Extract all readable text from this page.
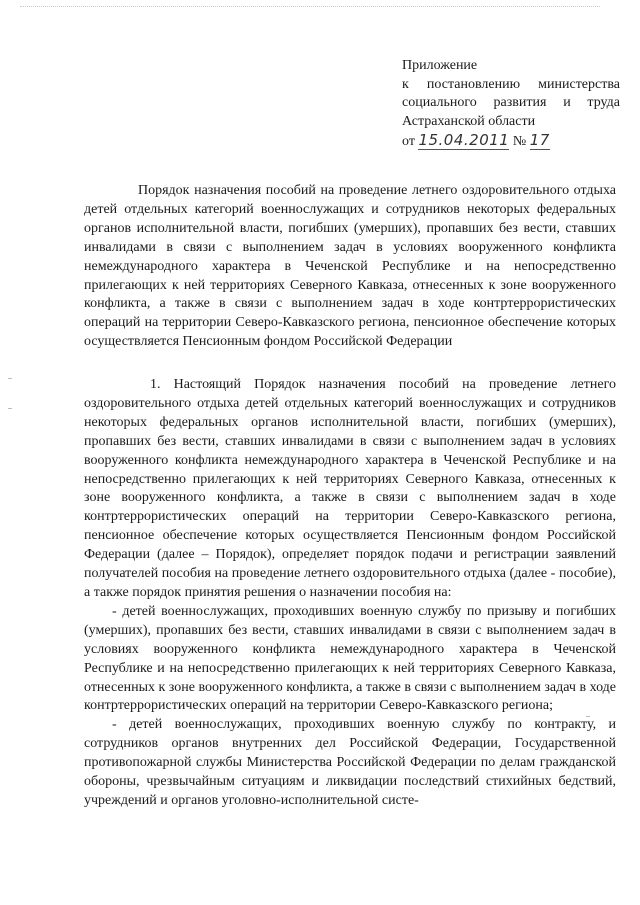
Приложение
к постановлению министерства
социального развития и труда
Астраханской области
от 15.04.2011 № 17

Порядок назначения пособий на проведение летнего оздоровительного отдыха детей отдельных категорий военнослужащих и сотрудников некоторых федеральных органов исполнительной власти, погибших (умерших), пропавших без вести, ставших инвалидами в связи с выполнением задач в условиях вооруженного конфликта немеждународного характера в Чеченской Республике и на непосредственно прилегающих к ней территориях Северного Кавказа, отнесенных к зоне вооруженного конфликта, а также в связи с выполнением задач в ходе контртеррористических операций на территории Северо-Кавказского региона, пенсионное обеспечение которых осуществляется Пенсионным фондом Российской Федерации

1. Настоящий Порядок назначения пособий на проведение летнего оздоровительного отдыха детей отдельных категорий военнослужащих и сотрудников некоторых федеральных органов исполнительной власти, погибших (умерших), пропавших без вести, ставших инвалидами в связи с выполнением задач в условиях вооруженного конфликта немеждународного характера в Чеченской Республике и на непосредственно прилегающих к ней территориях Северного Кавказа, отнесенных к зоне вооруженного конфликта, а также в связи с выполнением задач в ходе контртеррористических операций на территории Северо-Кавказского региона, пенсионное обеспечение которых осуществляется Пенсионным фондом Российской Федерации (далее – Порядок), определяет порядок подачи и регистрации заявлений получателей пособия на проведение летнего оздоровительного отдыха (далее - пособие), а также порядок принятия решения о назначении пособия на:

- детей военнослужащих, проходивших военную службу по призыву и погибших (умерших), пропавших без вести, ставших инвалидами в связи с выполнением задач в условиях вооруженного конфликта немеждународного характера в Чеченской Республике и на непосредственно прилегающих к ней территориях Северного Кавказа, отнесенных к зоне вооруженного конфликта, а также в связи с выполнением задач в ходе контртеррористических операций на территории Северо-Кавказского региона;

- детей военнослужащих, проходивших военную службу по контракту, и сотрудников органов внутренних дел Российской Федерации, Государственной противопожарной службы Министерства Российской Федерации по делам гражданской обороны, чрезвычайным ситуациям и ликвидации последствий стихийных бедствий, учреждений и органов уголовно-исполнительной систе-
